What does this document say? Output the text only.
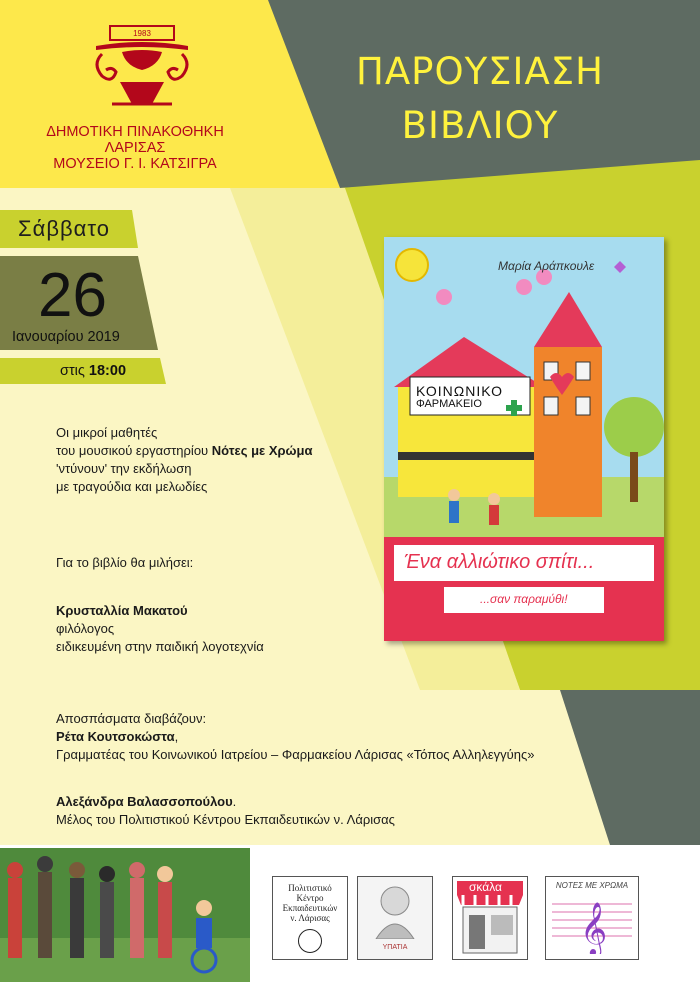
1983
ΔΗΜΟΤΙΚΗ ΠΙΝΑΚΟΘΗΚΗ
ΛΑΡΙΣΑΣ
ΜΟΥΣΕΙΟ Γ. Ι. ΚΑΤΣΙΓΡΑ
ΠΑΡΟΥΣΙΑΣΗ
ΒΙΒΛΙΟΥ
Σάββατο
26
Ιανουαρίου 2019
στις 18:00
Μαρία Αράπκουλε
ΚΟΙΝΩΝΙΚΟ
ΦΑΡΜΑΚΕΙΟ
Ένα αλλιώτικο σπίτι...
...σαν παραμύθι!
Οι μικροί μαθητές
του μουσικού εργαστηρίου Νότες με Χρώμα
'ντύνουν' την εκδήλωση
με τραγούδια και μελωδίες
Για το βιβλίο θα μιλήσει:
Κρυσταλλία Μακατού
φιλόλογος
ειδικευμένη στην παιδική λογοτεχνία
Αποσπάσματα διαβάζουν:
Ρέτα Κουτσοκώστα,
Γραμματέας του Κοινωνικού Ιατρείου – Φαρμακείου Λάρισας «Τόπος Αλληλεγγύης»
Αλεξάνδρα Βαλασσοπούλου.
Μέλος του Πολιτιστικού Κέντρου Εκπαιδευτικών ν. Λάρισας
Πολιτιστικό
Κέντρο
Εκπαιδευτικών
ν. Λάρισας
ΥΠΑΤΙΑ
σκάλα	ΝΟΤΕΣ ΜΕ ΧΡΩΜΑ
𝄞
